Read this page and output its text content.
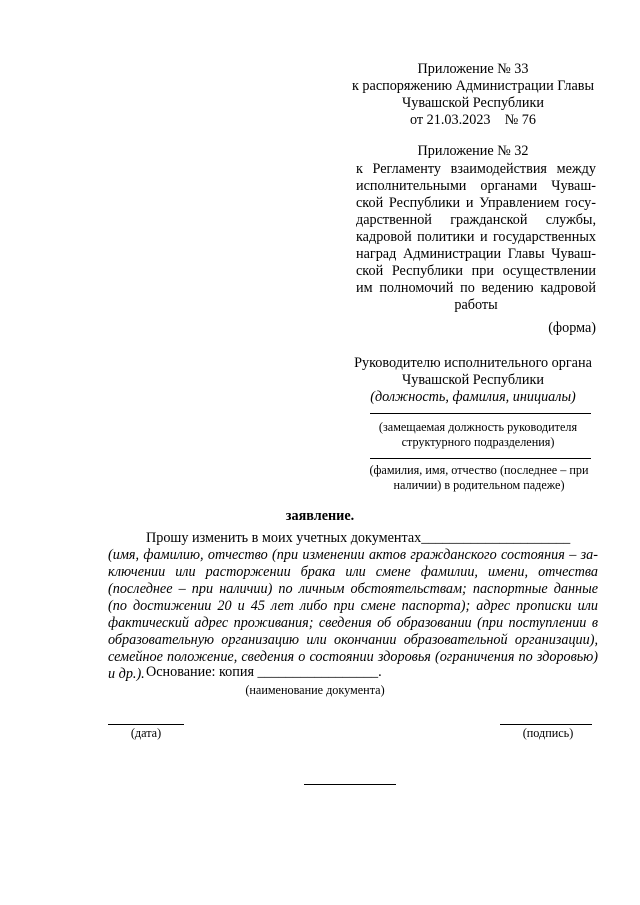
Приложение № 33
к распоряжению Администрации Главы
Чувашской Республики
от 21.03.2023    № 76
Приложение № 32
к Регламенту взаимодействия между
исполнительными органами Чуваш-
ской Республики и Управлением госу-
дарственной гражданской службы,
кадровой политики и государственных
наград Администрации Главы Чуваш-
ской Республики при осуществлении
им полномочий по ведению кадровой
работы
(форма)
Руководителю исполнительного органа
Чувашской Республики
(должность, фамилия, инициалы)
(замещаемая должность руководителя структурного подразделения)
(фамилия, имя, отчество (последнее – при наличии) в родительном падеже)
заявление.
Прошу изменить в моих учетных документах_____________________
(имя, фамилию, отчество (при изменении актов гражданского состояния – за-
ключении или расторжении брака или смене фамилии, имени, отчества (последнее – при наличии) по личным обстоятельствам; паспортные данные (по достижении 20 и 45 лет либо при смене паспорта); адрес прописки или фактический адрес проживания; сведения об образовании (при поступлении в образовательную организацию или окончании образовательной организации), семейное положение, сведения о состоянии здоровья (ограничения по здоровью) и др.). Основание: копия _________________.
(наименование документа)
(дата)	(подпись)
